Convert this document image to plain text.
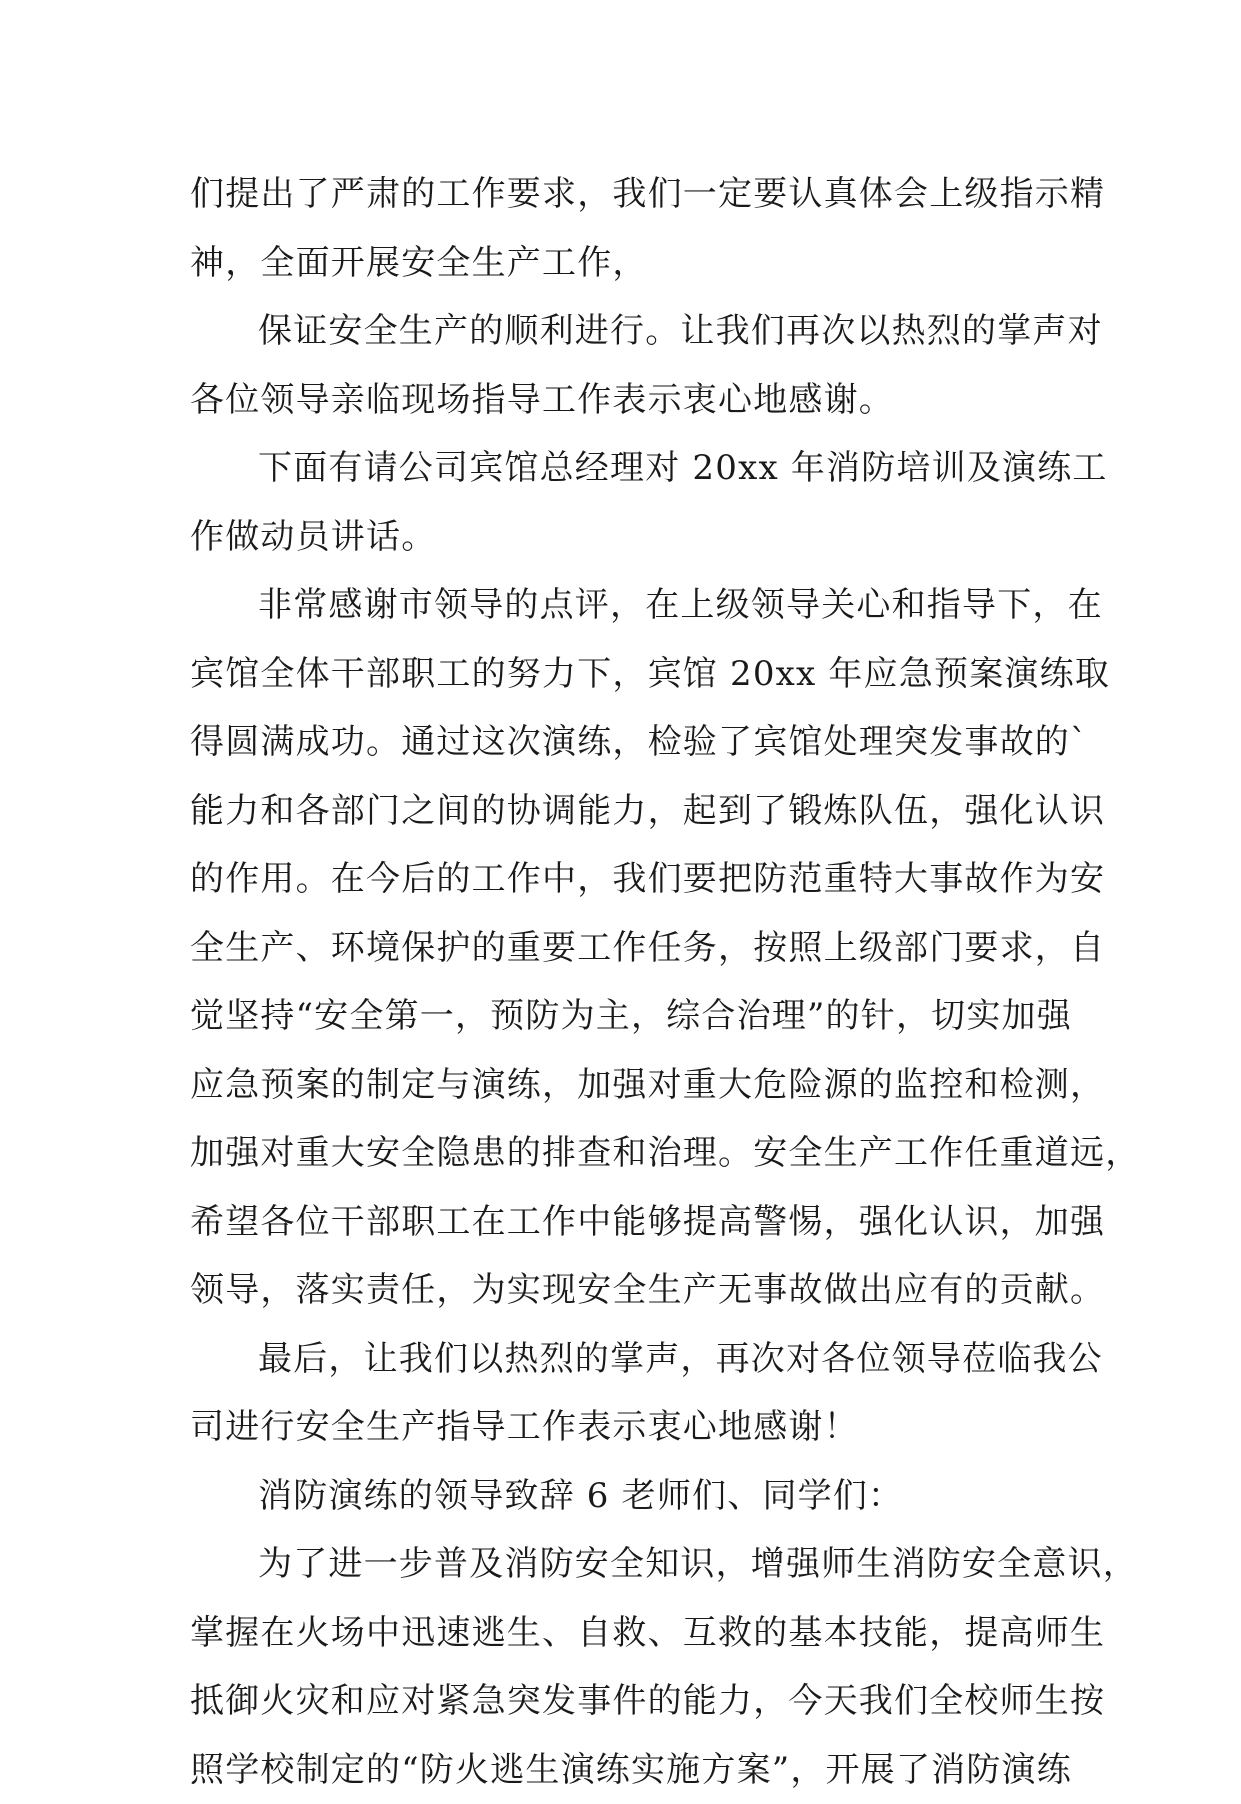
们提出了严肃的工作要求，我们一定要认真体会上级指示精
神，全面开展安全生产工作，
保证安全生产的顺利进行。让我们再次以热烈的掌声对
各位领导亲临现场指导工作表示衷心地感谢。
下面有请公司宾馆总经理对 20xx 年消防培训及演练工
作做动员讲话。
非常感谢市领导的点评，在上级领导关心和指导下，在
宾馆全体干部职工的努力下，宾馆 20xx 年应急预案演练取
得圆满成功。通过这次演练，检验了宾馆处理突发事故的`
能力和各部门之间的协调能力，起到了锻炼队伍，强化认识
的作用。在今后的工作中，我们要把防范重特大事故作为安
全生产、环境保护的重要工作任务，按照上级部门要求，自
觉坚持“安全第一，预防为主，综合治理”的针，切实加强
应急预案的制定与演练，加强对重大危险源的监控和检测，
加强对重大安全隐患的排查和治理。安全生产工作任重道远，
希望各位干部职工在工作中能够提高警惕，强化认识，加强
领导，落实责任，为实现安全生产无事故做出应有的贡献。
最后，让我们以热烈的掌声，再次对各位领导莅临我公
司进行安全生产指导工作表示衷心地感谢！
消防演练的领导致辞 6 老师们、同学们：
为了进一步普及消防安全知识，增强师生消防安全意识，
掌握在火场中迅速逃生、自救、互救的基本技能，提高师生
抵御火灾和应对紧急突发事件的能力，今天我们全校师生按
照学校制定的“防火逃生演练实施方案”，开展了消防演练
